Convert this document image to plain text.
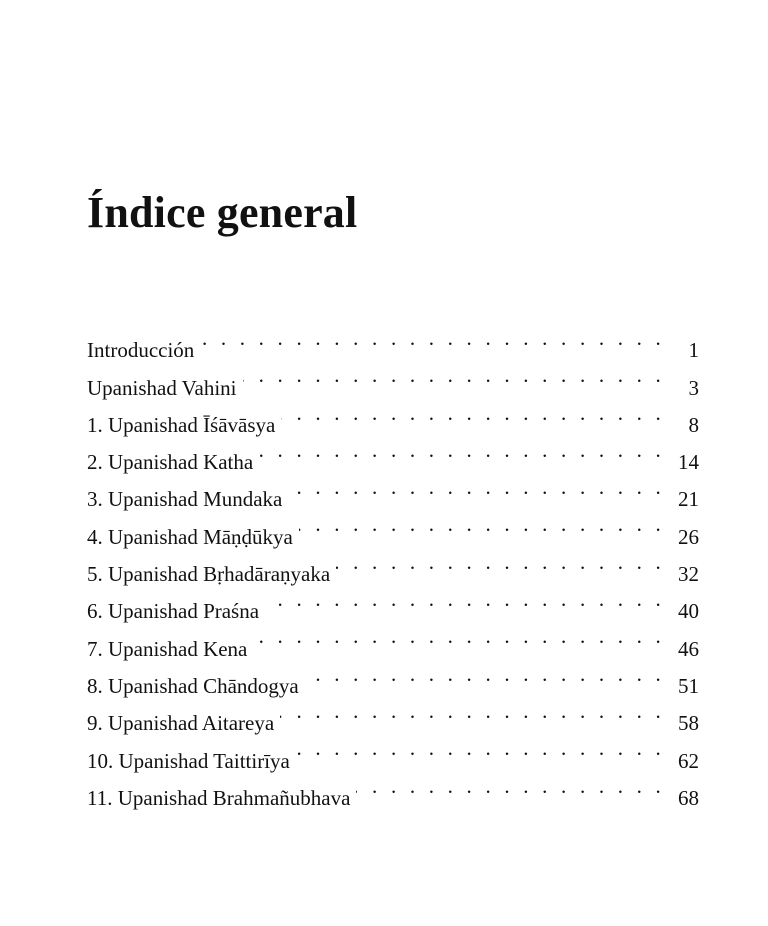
Índice general
Introducción . . .	1
Upanishad Vahini . . .	3
1. Upanishad Īśāvāsya . . .	8
2. Upanishad Katha . . .	14
3. Upanishad Mundaka . . .	21
4. Upanishad Māṇḍūkya . . .	26
5. Upanishad Bṛhadāraṇyaka . . .	32
6. Upanishad Praśna . . .	40
7. Upanishad Kena . . .	46
8. Upanishad Chāndogya . . .	51
9. Upanishad Aitareya . . .	58
10. Upanishad Taittirīya . . .	62
11. Upanishad Brahmañubhava . . .	68
